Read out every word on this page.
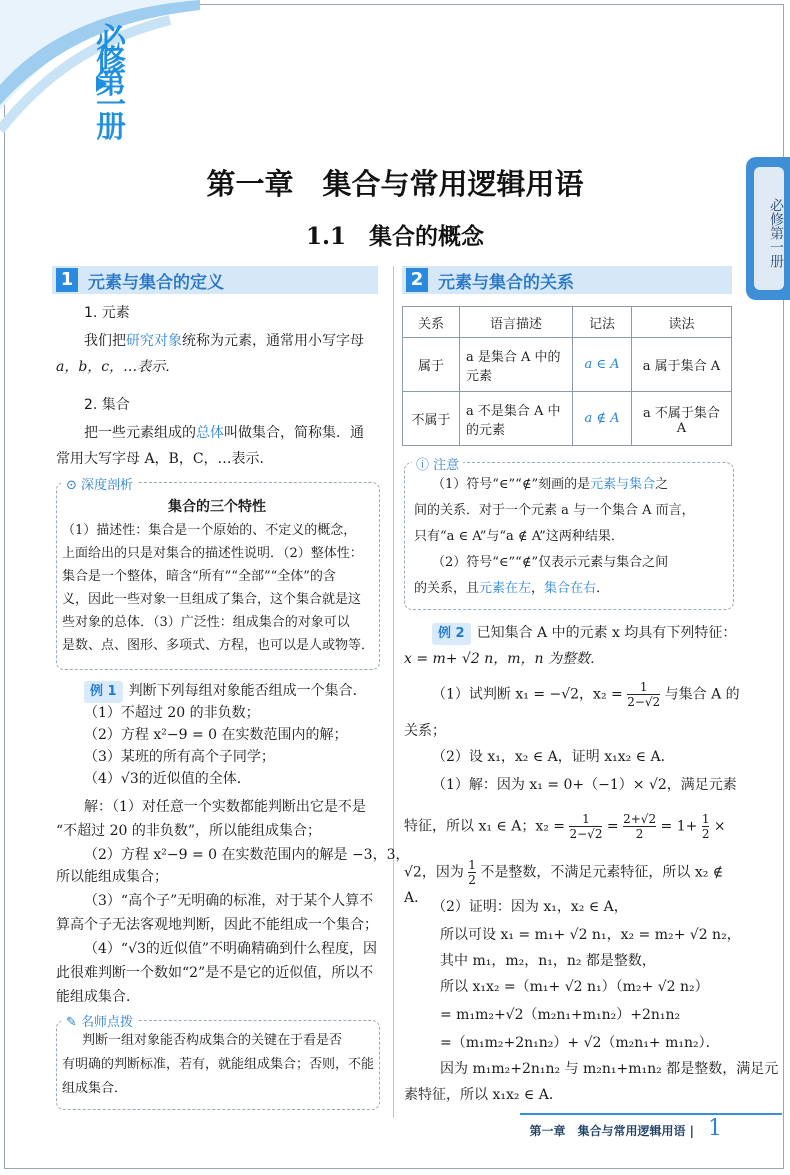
必修 第一册
必修第一册
第一章　集合与常用逻辑用语
1.1　集合的概念
1 元素与集合的定义
1. 元素
我们把研究对象统称为元素，通常用小写字母
a，b，c，…表示．
2. 集合
把一些元素组成的总体叫做集合，简称集．通
常用大写字母 A，B，C，…表示．
⊙ 深度剖析
集合的三个特性
（1）描述性：集合是一个原始的、不定义的概念，
上面给出的只是对集合的描述性说明．（2）整体性：
集合是一个整体，暗含“所有”“全部”“全体”的含
义，因此一些对象一旦组成了集合，这个集合就是这
些对象的总体．（3）广泛性：组成集合的对象可以
是数、点、图形、多项式、方程，也可以是人或物等．
例 1 判断下列每组对象能否组成一个集合．
（1）不超过 20 的非负数；
（2）方程 x²−9 = 0 在实数范围内的解；
（3）某班的所有高个子同学；
（4）√3的近似值的全体．
解：（1）对任意一个实数都能判断出它是不是
“不超过 20 的非负数”，所以能组成集合；
（2）方程 x²−9 = 0 在实数范围内的解是 −3，3，
所以能组成集合；
（3）“高个子”无明确的标准，对于某个人算不
算高个子无法客观地判断，因此不能组成一个集合；
（4）“√3的近似值”不明确精确到什么程度，因
此很难判断一个数如“2”是不是它的近似值，所以不
能组成集合．
✎ 名师点拨
判断一组对象能否构成集合的关键在于看是否
有明确的判断标准，若有，就能组成集合；否则，不能
组成集合．
2 元素与集合的关系
关系	语言描述	记法	读法
属于	a 是集合 A 中的元素	a ∈ A	a 属于集合 A
不属于	a 不是集合 A 中的元素	a ∉ A	a 不属于集合 A
ⓘ 注意
（1）符号“∈”“∉”刻画的是元素与集合之
间的关系．对于一个元素 a 与一个集合 A 而言，
只有“a ∈ A”与“a ∉ A”这两种结果．
（2）符号“∈”“∉”仅表示元素与集合之间
的关系，且元素在左，集合在右．
例 2 已知集合 A 中的元素 x 均具有下列特征：
x = m+ √2 n，m，n 为整数．
（1）试判断 x₁ = −√2，$x_2 = \frac{1}{2-√2}$ 与集合 A 的
关系；
（2）设 x₁，x₂ ∈ A，证明 x₁x₂ ∈ A．
（1）解：因为 x₁ = 0+（−1）× √2，满足元素
特征，所以 x₁ ∈ A；$x_2 = \frac{1}{2-√2} = \frac{2+√2}{2} = 1+ \frac{1}{2}$ ×
√2，因为 $\frac{1}{2}$ 不是整数，不满足元素特征，所以 x₂ ∉ A．
（2）证明：因为 x₁，x₂ ∈ A，
所以可设 x₁ = m₁+ √2 n₁，x₂ = m₂+ √2 n₂，
其中 m₁，m₂，n₁，n₂ 都是整数，
所以 x₁x₂ =（m₁+ √2 n₁）（m₂+ √2 n₂）
= m₁m₂+√2（m₂n₁+m₁n₂）+2n₁n₂
=（m₁m₂+2n₁n₂）+ √2（m₂n₁+ m₁n₂）．
因为 m₁m₂+2n₁n₂ 与 m₂n₁+m₁n₂ 都是整数，满足元
素特征，所以 x₁x₂ ∈ A．
第一章　集合与常用逻辑用语 | 1
